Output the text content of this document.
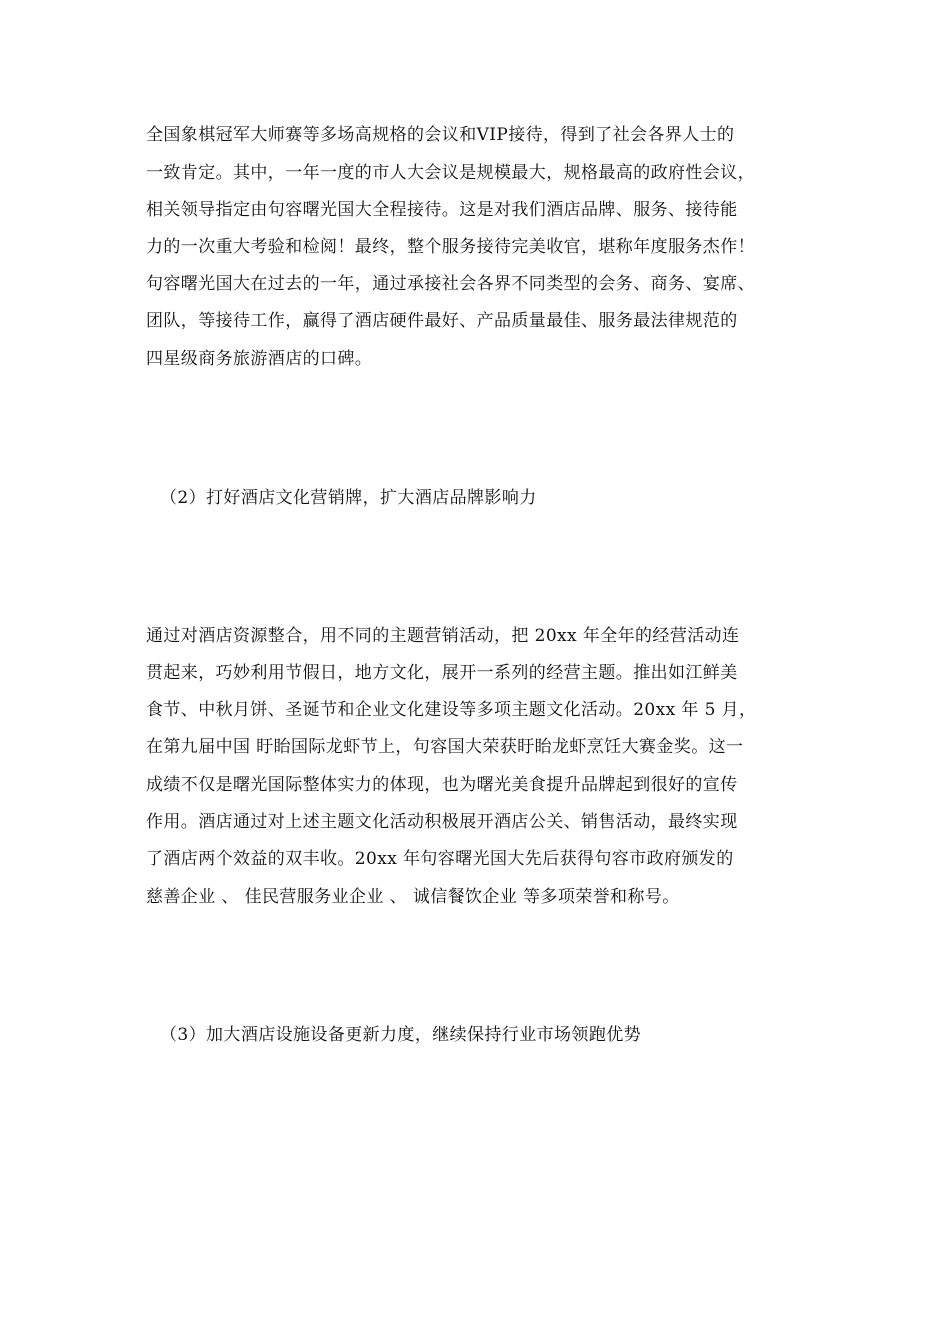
全国象棋冠军大师赛等多场高规格的会议和VIP接待，得到了社会各界人士的
一致肯定。其中，一年一度的市人大会议是规模最大，规格最高的政府性会议，
相关领导指定由句容曙光国大全程接待。这是对我们酒店品牌、服务、接待能
力的一次重大考验和检阅！最终，整个服务接待完美收官，堪称年度服务杰作！
句容曙光国大在过去的一年，通过承接社会各界不同类型的会务、商务、宴席、
团队，等接待工作，赢得了酒店硬件最好、产品质量最佳、服务最法律规范的
四星级商务旅游酒店的口碑。
（2）打好酒店文化营销牌，扩大酒店品牌影响力
通过对酒店资源整合，用不同的主题营销活动，把 20xx 年全年的经营活动连
贯起来，巧妙利用节假日，地方文化，展开一系列的经营主题。推出如江鲜美
食节、中秋月饼、圣诞节和企业文化建设等多项主题文化活动。20xx 年 5 月，
在第九届中国 盱眙国际龙虾节上，句容国大荣获盱眙龙虾烹饪大赛金奖。这一
成绩不仅是曙光国际整体实力的体现，也为曙光美食提升品牌起到很好的宣传
作用。酒店通过对上述主题文化活动积极展开酒店公关、销售活动，最终实现
了酒店两个效益的双丰收。20xx 年句容曙光国大先后获得句容市政府颁发的
慈善企业 、 佳民营服务业企业 、 诚信餐饮企业 等多项荣誉和称号。
（3）加大酒店设施设备更新力度，继续保持行业市场领跑优势
